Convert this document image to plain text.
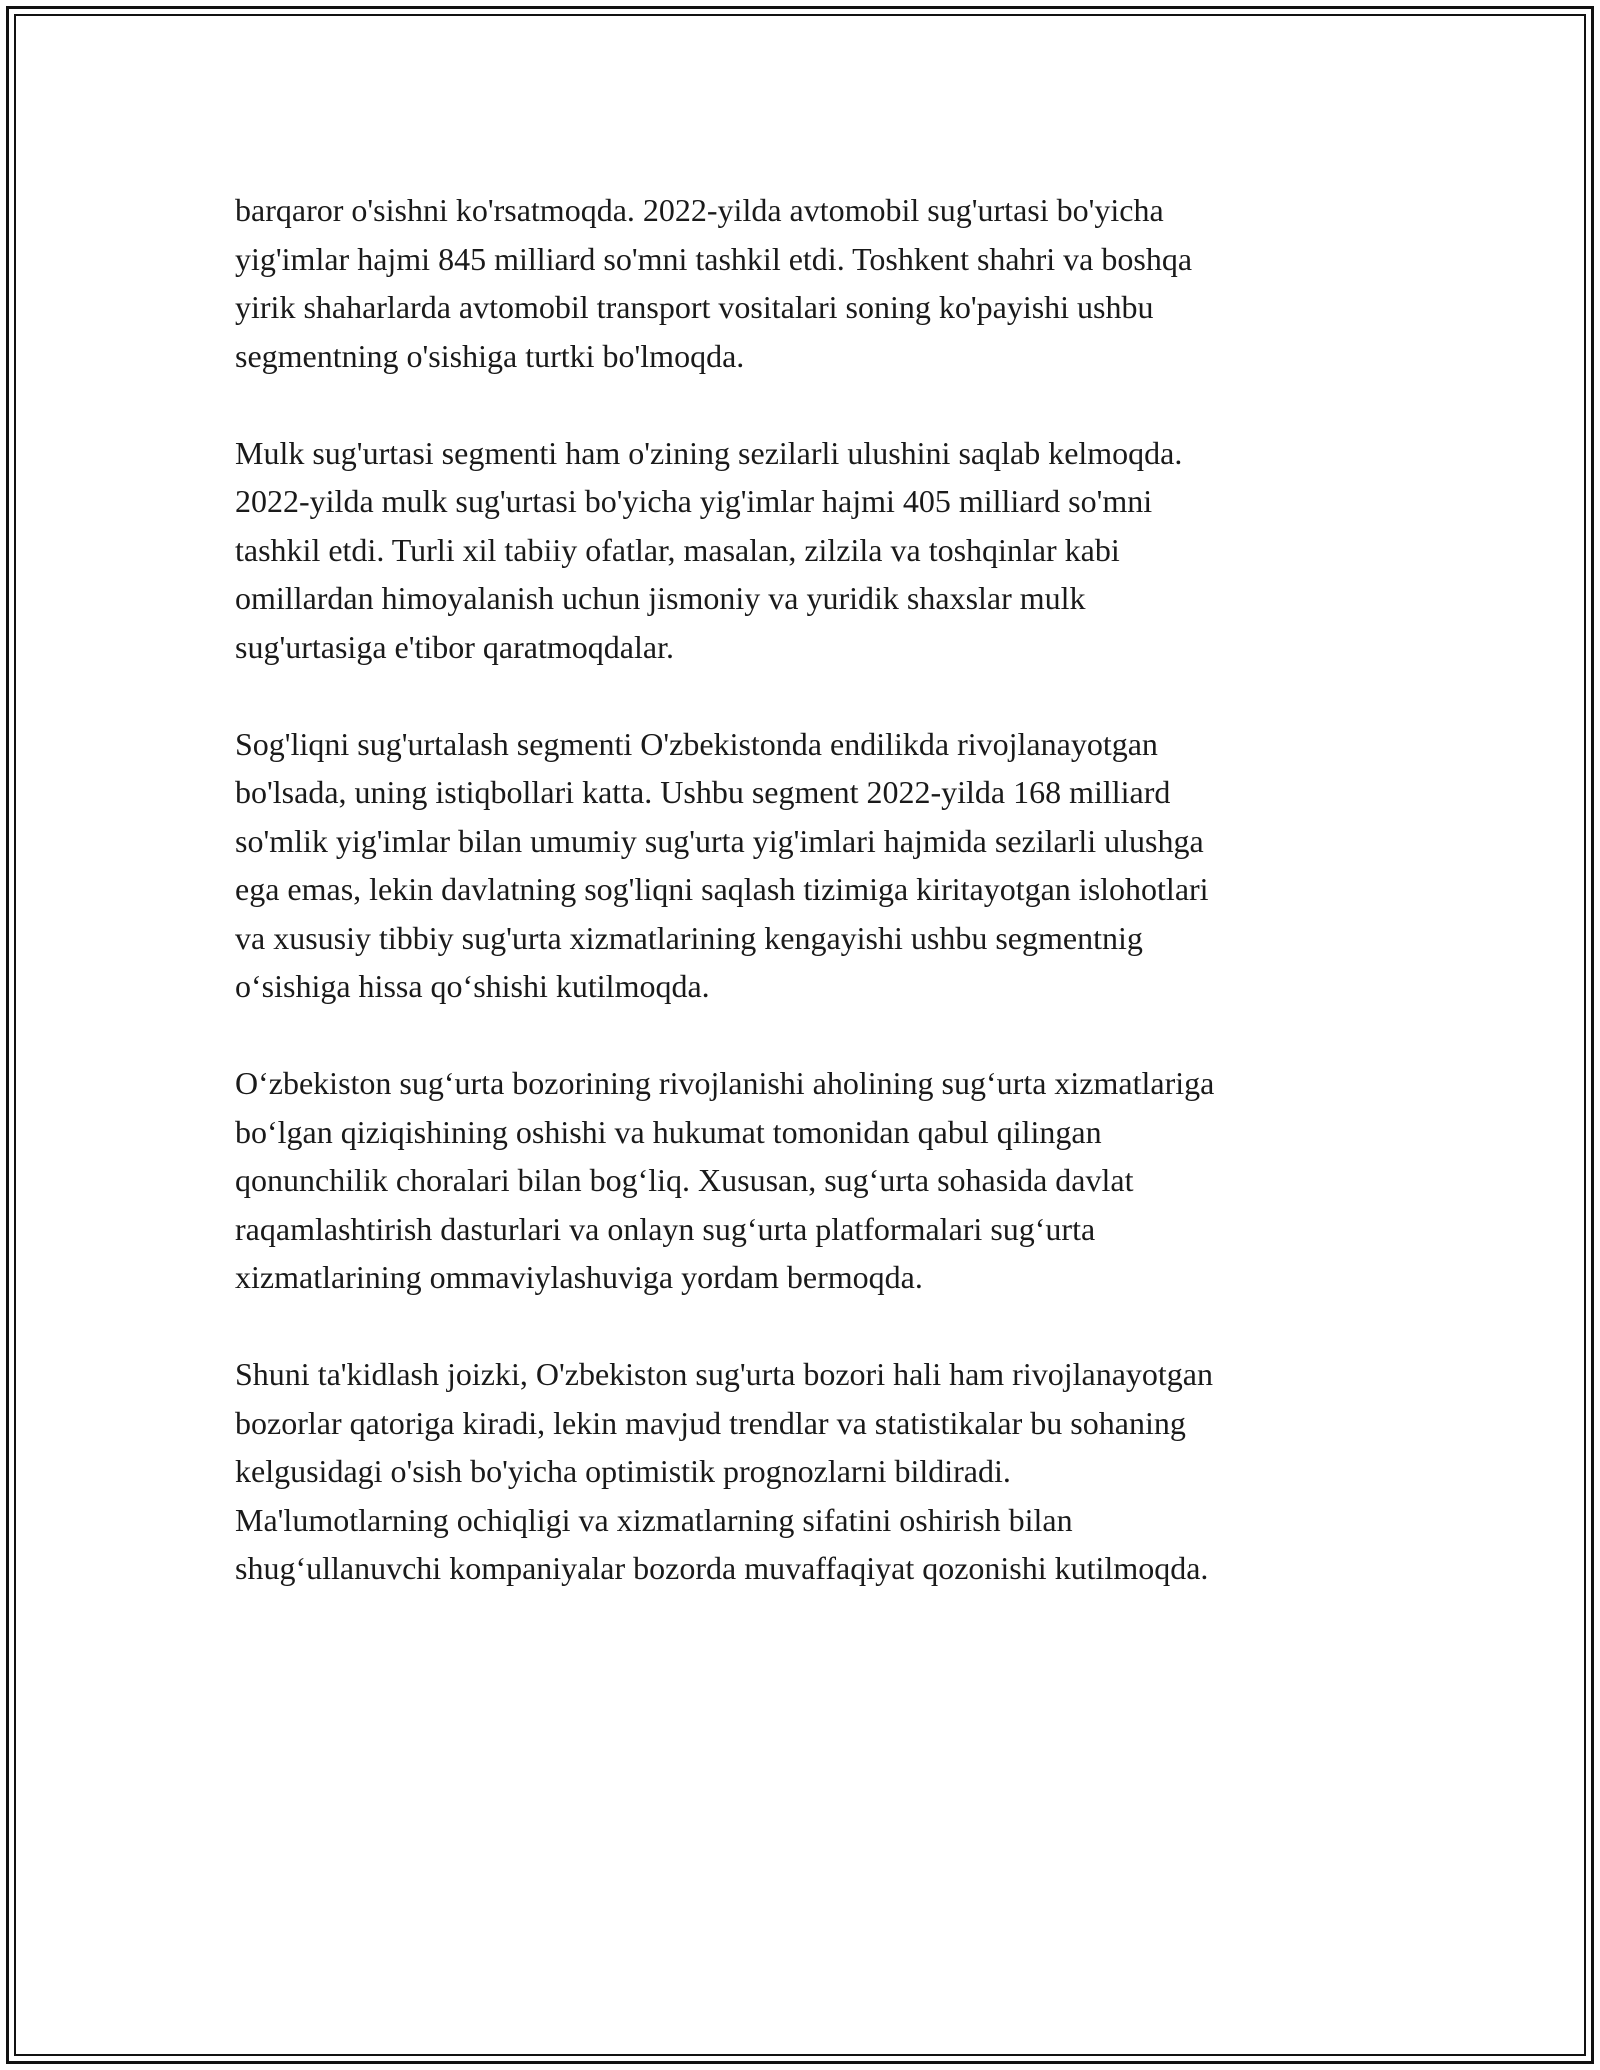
barqaror o'sishni ko'rsatmoqda. 2022-yilda avtomobil sug'urtasi bo'yicha
yig'imlar hajmi 845 milliard so'mni tashkil etdi. Toshkent shahri va boshqa
yirik shaharlarda avtomobil transport vositalari soning ko'payishi ushbu
segmentning o'sishiga turtki bo'lmoqda.

Mulk sug'urtasi segmenti ham o'zining sezilarli ulushini saqlab kelmoqda.
2022-yilda mulk sug'urtasi bo'yicha yig'imlar hajmi 405 milliard so'mni
tashkil etdi. Turli xil tabiiy ofatlar, masalan, zilzila va toshqinlar kabi
omillardan himoyalanish uchun jismoniy va yuridik shaxslar mulk
sug'urtasiga e'tibor qaratmoqdalar.

Sog'liqni sug'urtalash segmenti O'zbekistonda endilikda rivojlanayotgan
bo'lsada, uning istiqbollari katta. Ushbu segment 2022-yilda 168 milliard
so'mlik yig'imlar bilan umumiy sug'urta yig'imlari hajmida sezilarli ulushga
ega emas, lekin davlatning sog'liqni saqlash tizimiga kiritayotgan islohotlari
va xususiy tibbiy sug'urta xizmatlarining kengayishi ushbu segmentnig
o‘sishiga hissa qo‘shishi kutilmoqda.

O‘zbekiston sug‘urta bozorining rivojlanishi aholining sug‘urta xizmatlariga
bo‘lgan qiziqishining oshishi va hukumat tomonidan qabul qilingan
qonunchilik choralari bilan bog‘liq. Xususan, sug‘urta sohasida davlat
raqamlashtirish dasturlari va onlayn sug‘urta platformalari sug‘urta
xizmatlarining ommaviylashuviga yordam bermoqda.

Shuni ta'kidlash joizki, O'zbekiston sug'urta bozori hali ham rivojlanayotgan
bozorlar qatoriga kiradi, lekin mavjud trendlar va statistikalar bu sohaning
kelgusidagi o'sish bo'yicha optimistik prognozlarni bildiradi.
Ma'lumotlarning ochiqligi va xizmatlarning sifatini oshirish bilan
shug‘ullanuvchi kompaniyalar bozorda muvaffaqiyat qozonishi kutilmoqda.
